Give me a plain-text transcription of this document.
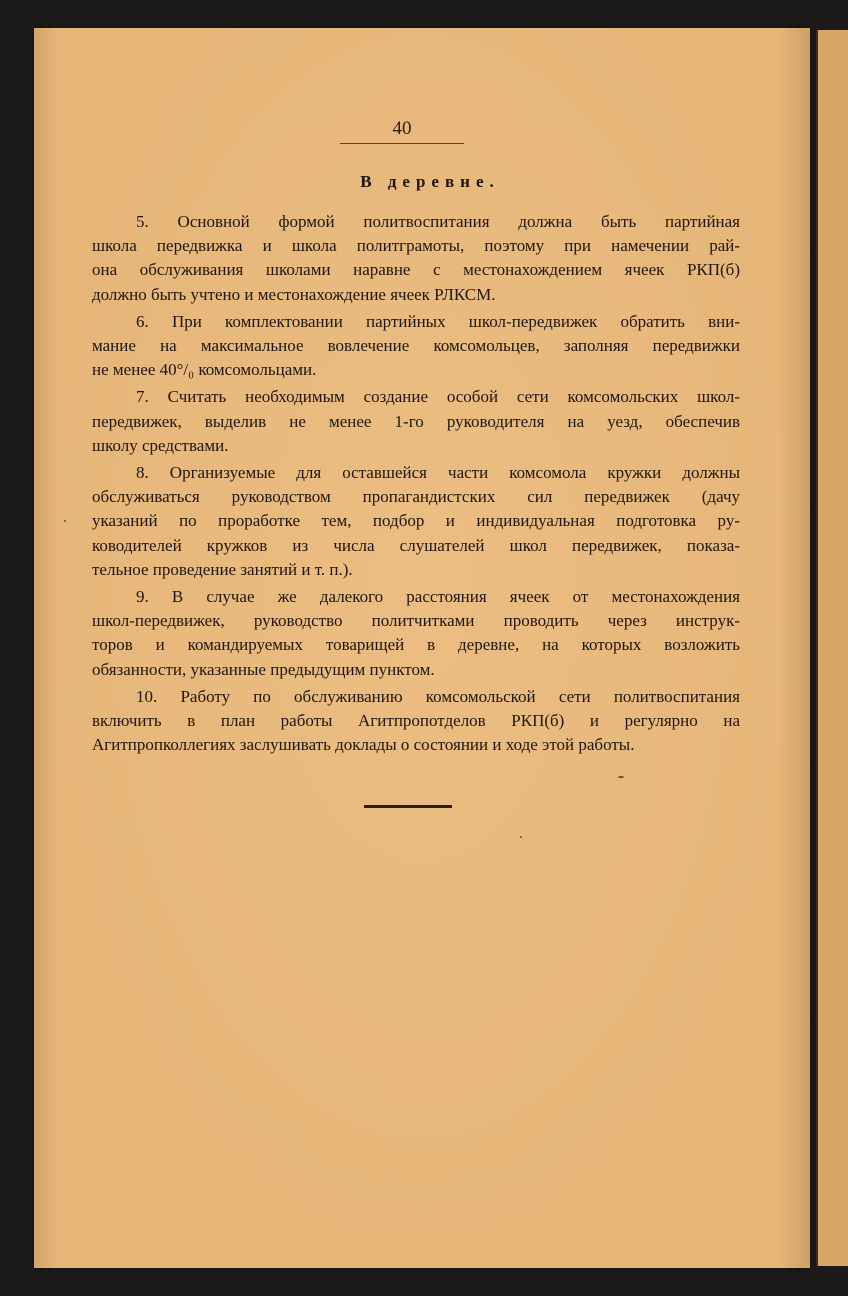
40
В деревне.
5. Основной формой политвоспитания должна быть партийная
школа передвижка и школа политграмоты, поэтому при намечении рай-
она обслуживания школами наравне с местонахождением ячеек РКП(б)
должно быть учтено и местонахождение ячеек РЛКСМ.
6. При комплектовании партийных школ-передвижек обратить вни-
мание на максимальное вовлечение комсомольцев, заполняя передвижки
не менее 40°/₀ комсомольцами.
7. Считать необходимым создание особой сети комсомольских школ-
передвижек, выделив не менее 1-го руководителя на уезд, обеспечив
школу средствами.
8. Организуемые для оставшейся части комсомола кружки должны
обслуживаться руководством пропагандистских сил передвижек (дачу
указаний по проработке тем, подбор и индивидуальная подготовка ру-
ководителей кружков из числа слушателей школ передвижек, показа-
тельное проведение занятий и т. п.).
9. В случае же далекого расстояния ячеек от местонахождения
школ-передвижек, руководство политчитками проводить через инструк-
торов и командируемых товарищей в деревне, на которых возложить
обязанности, указанные предыдущим пунктом.
10. Работу по обслуживанию комсомольской сети политвоспитания
включить в план работы Агитпропотделов РКП(б) и регулярно на
Агитпропколлегиях заслушивать доклады о состоянии и ходе этой работы.
